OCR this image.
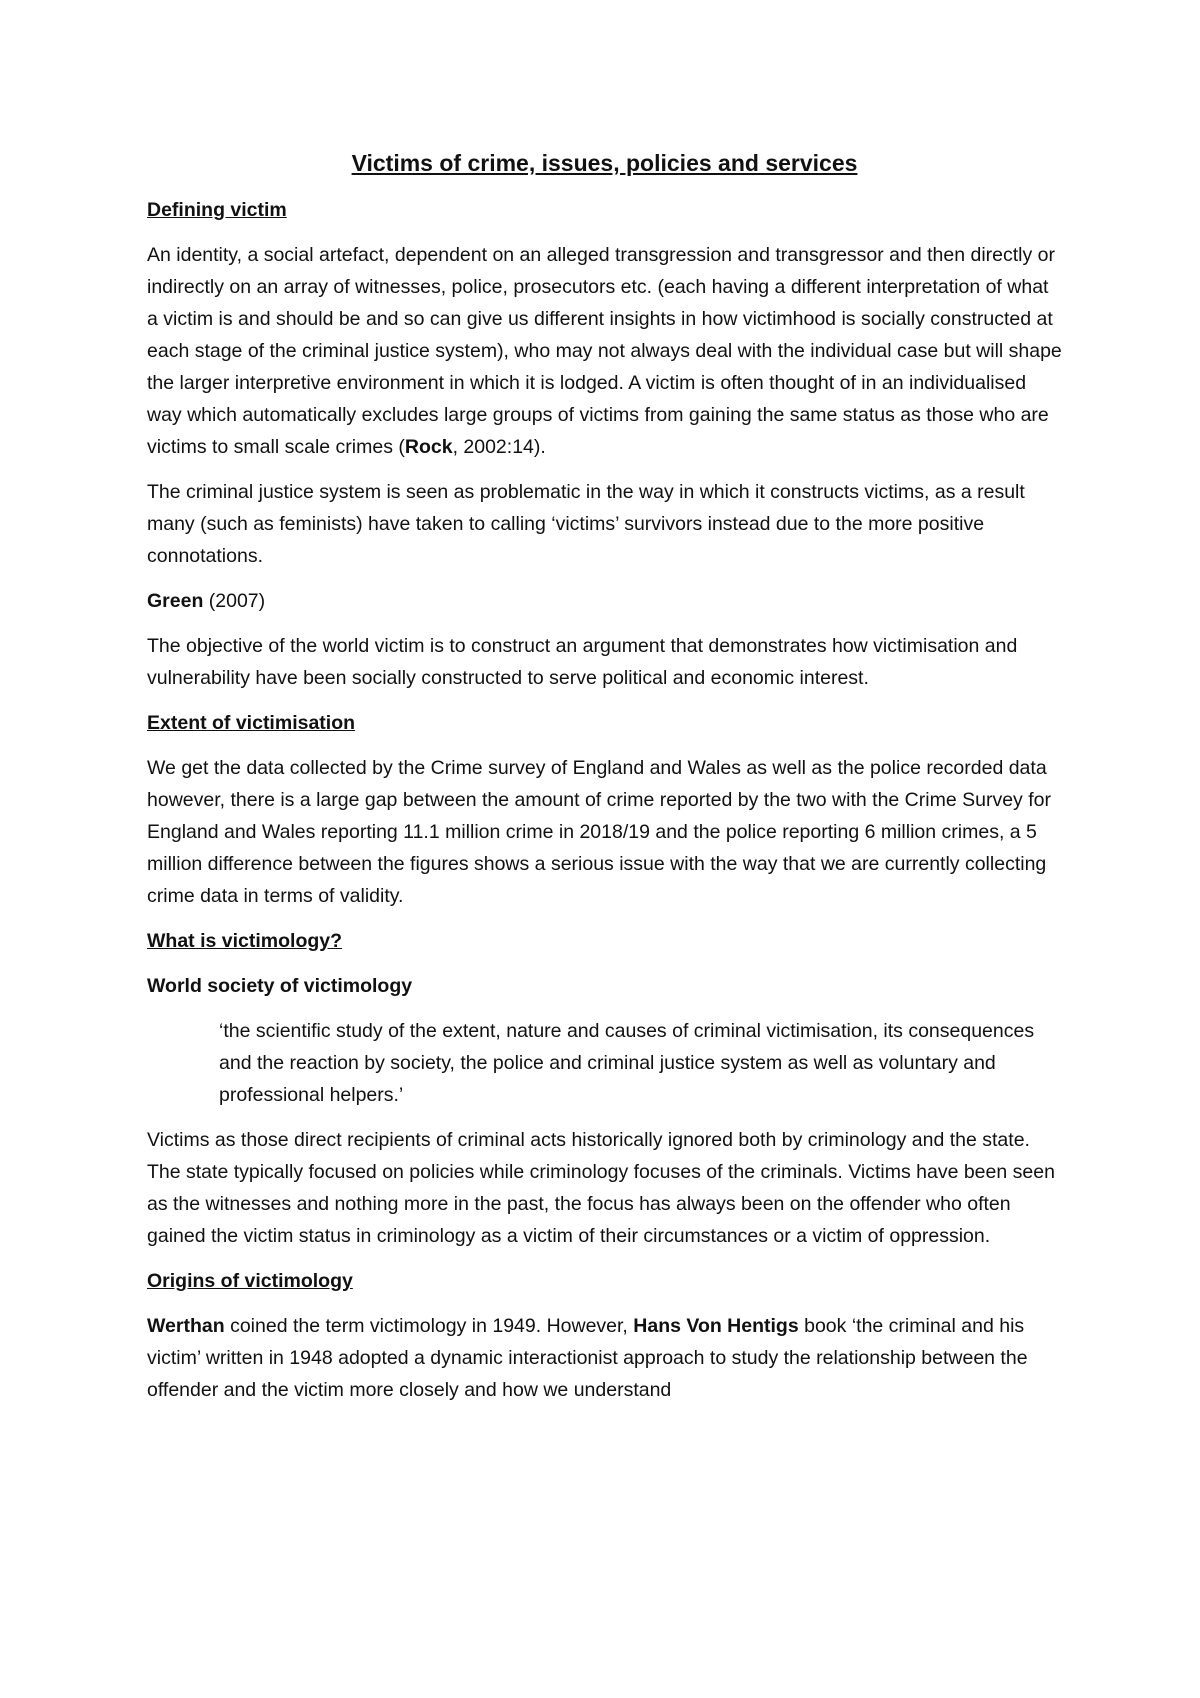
Victims of crime, issues, policies and services
Defining victim

An identity, a social artefact, dependent on an alleged transgression and transgressor and then directly or indirectly on an array of witnesses, police, prosecutors etc. (each having a different interpretation of what a victim is and should be and so can give us different insights in how victimhood is socially constructed at each stage of the criminal justice system), who may not always deal with the individual case but will shape the larger interpretive environment in which it is lodged. A victim is often thought of in an individualised way which automatically excludes large groups of victims from gaining the same status as those who are victims to small scale crimes (Rock, 2002:14).

The criminal justice system is seen as problematic in the way in which it constructs victims, as a result many (such as feminists) have taken to calling ‘victims’ survivors instead due to the more positive connotations.

Green (2007)

The objective of the world victim is to construct an argument that demonstrates how victimisation and vulnerability have been socially constructed to serve political and economic interest.

Extent of victimisation

We get the data collected by the Crime survey of England and Wales as well as the police recorded data however, there is a large gap between the amount of crime reported by the two with the Crime Survey for England and Wales reporting 11.1 million crime in 2018/19 and the police reporting 6 million crimes, a 5 million difference between the figures shows a serious issue with the way that we are currently collecting crime data in terms of validity.

What is victimology?
World society of victimology

‘the scientific study of the extent, nature and causes of criminal victimisation, its consequences and the reaction by society, the police and criminal justice system as well as voluntary and professional helpers.’

Victims as those direct recipients of criminal acts historically ignored both by criminology and the state. The state typically focused on policies while criminology focuses of the criminals. Victims have been seen as the witnesses and nothing more in the past, the focus has always been on the offender who often gained the victim status in criminology as a victim of their circumstances or a victim of oppression.

Origins of victimology

Werthan coined the term victimology in 1949. However, Hans Von Hentigs book ‘the criminal and his victim’ written in 1948 adopted a dynamic interactionist approach to study the relationship between the offender and the victim more closely and how we understand
